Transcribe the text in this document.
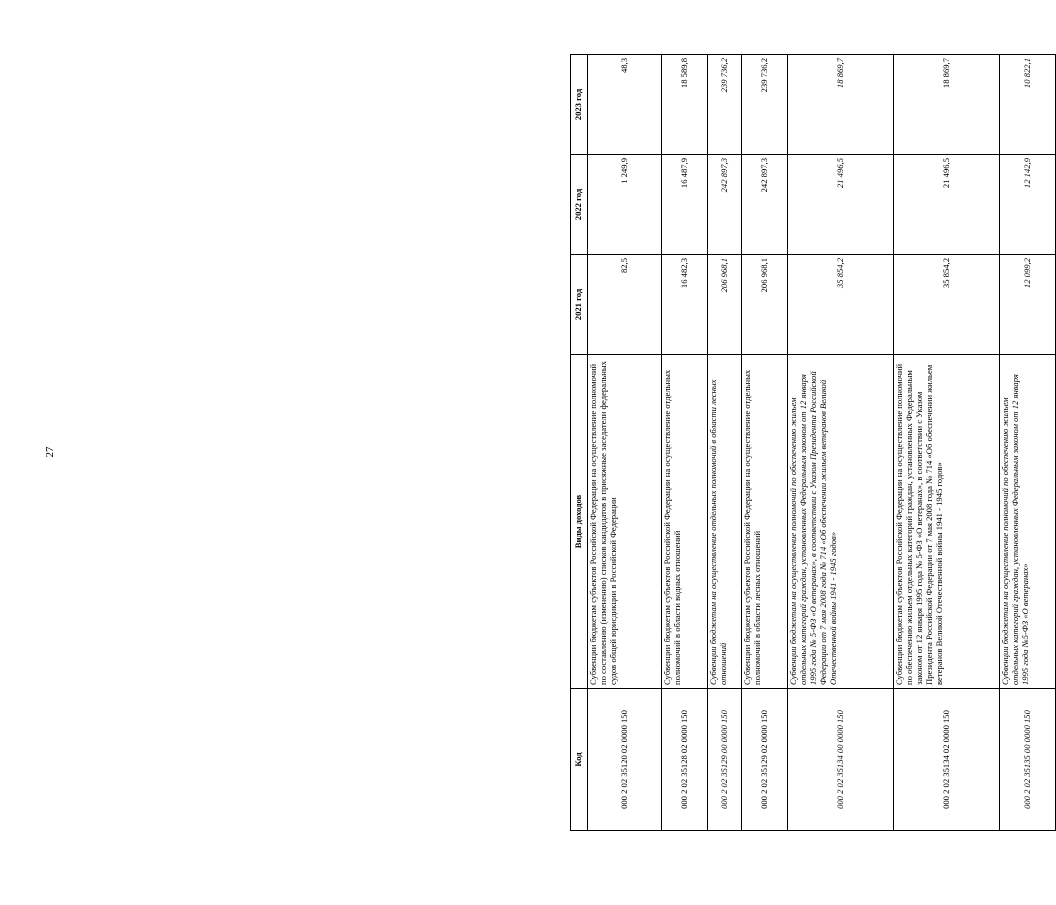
27
Код	Виды доходов	2021 год	2022 год	2023 год
000 2 02 35120 02 0000 150	Субвенции бюджетам субъектов Российской Федерации на осуществление полномочий по составлению (изменению) списков кандидатов в присяжные заседатели федеральных судов общей юрисдикции в Российской Федерации	82,5	1 249,9	48,3
000 2 02 35128 02 0000 150	Субвенции бюджетам субъектов Российской Федерации на осуществление отдельных полномочий в области водных отношений	16 482,3	16 487,9	18 589,8
000 2 02 35129 00 0000 150	Субвенции бюджетам на осуществление отдельных полномочий в области лесных отношений	206 968,1	242 897,3	239 736,2
000 2 02 35129 02 0000 150	Субвенции бюджетам субъектов Российской Федерации на осуществление отдельных полномочий в области лесных отношений	206 968,1	242 897,3	239 736,2
000 2 02 35134 00 0000 150	Субвенции бюджетам на осуществление полномочий по обеспечению жильем отдельных категорий граждан, установленных Федеральным законом от 12 января 1995 года № 5-ФЗ «О ветеранах», в соответствии с Указом Президента Российской Федерации от 7 мая 2008 года № 714 «Об обеспечении жильем ветеранов Великой Отечественной войны 1941 - 1945 годов»	35 854,2	21 496,5	18 869,7
000 2 02 35134 02 0000 150	Субвенции бюджетам субъектов Российской Федерации на осуществление полномочий по обеспечению жильем отдельных категорий граждан, установленных Федеральным законом от 12 января 1995 года № 5-ФЗ «О ветеранах», в соответствии с Указом Президента Российской Федерации от 7 мая 2008 года № 714 «Об обеспечении жильем ветеранов Великой Отечественной войны 1941 - 1945 годов»	35 854,2	21 496,5	18 869,7
000 2 02 35135 00 0000 150	Субвенции бюджетам на осуществление полномочий по обеспечению жильем отдельных категорий граждан, установленных Федеральным законом от 12 января 1995 года №5-ФЗ «О ветеранах»	12 099,2	12 142,9	10 822,1
